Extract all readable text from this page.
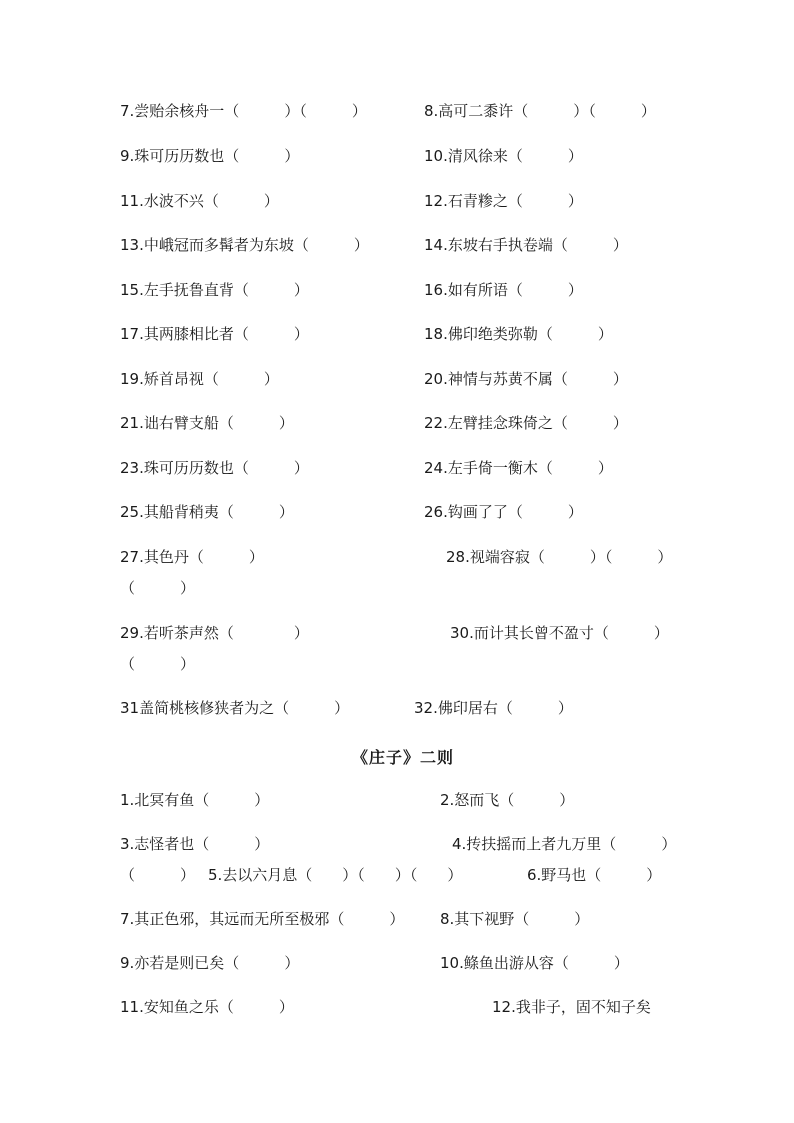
7.尝贻余核舟一（　　　）（　　　）	8.高可二黍许（　　　）（　　　）
9.珠可历历数也（　　　）	10.清风徐来（　　　）
11.水波不兴（　　　）	12.石青糁之（　　　）
13.中峨冠而多髯者为东坡（　　　）	14.东坡右手执卷端（　　　）
15.左手抚鲁直背（　　　）	16.如有所语（　　　）
17.其两膝相比者（　　　）	18.佛印绝类弥勒（　　　）
19.矫首昂视（　　　）	20.神情与苏黄不属（　　　）
21.诎右臂支船（　　　）	22.左臂挂念珠倚之（　　　）
23.珠可历历数也（　　　）	24.左手倚一衡木（　　　）
25.其船背稍夷（　　　）	26.钩画了了（　　　）
27.其色丹（　　　）	28.视端容寂（　　　）（　　　）
（　　　）
29.若听茶声然（　　　　）	30.而计其长曾不盈寸（　　　）
（　　　）
31盖简桃核修狭者为之（　　　）	32.佛印居右（　　　）
《庄子》二则
1.北冥有鱼（　　　）	2.怒而飞（　　　）
3.志怪者也（　　　）	4.抟扶摇而上者九万里（　　　）
（　　　） 5.去以六月息（　　）（　　）（　　）	6.野马也（　　　）
7.其正色邪，其远而无所至极邪（　　　） 8.其下视野（　　　）
9.亦若是则已矣（　　　）	10.鲦鱼出游从容（　　　）
11.安知鱼之乐（　　　）	12.我非子，固不知子矣
